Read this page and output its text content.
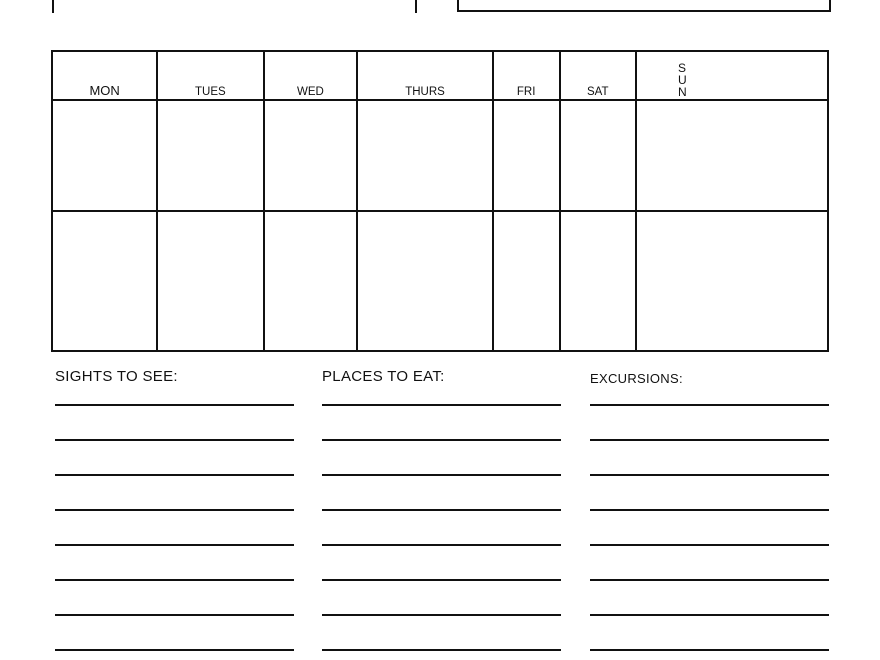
MON	TUES	WED	THURS	FRI	SAT	SUN

SIGHTS TO SEE:	PLACES TO EAT:	EXCURSIONS:
